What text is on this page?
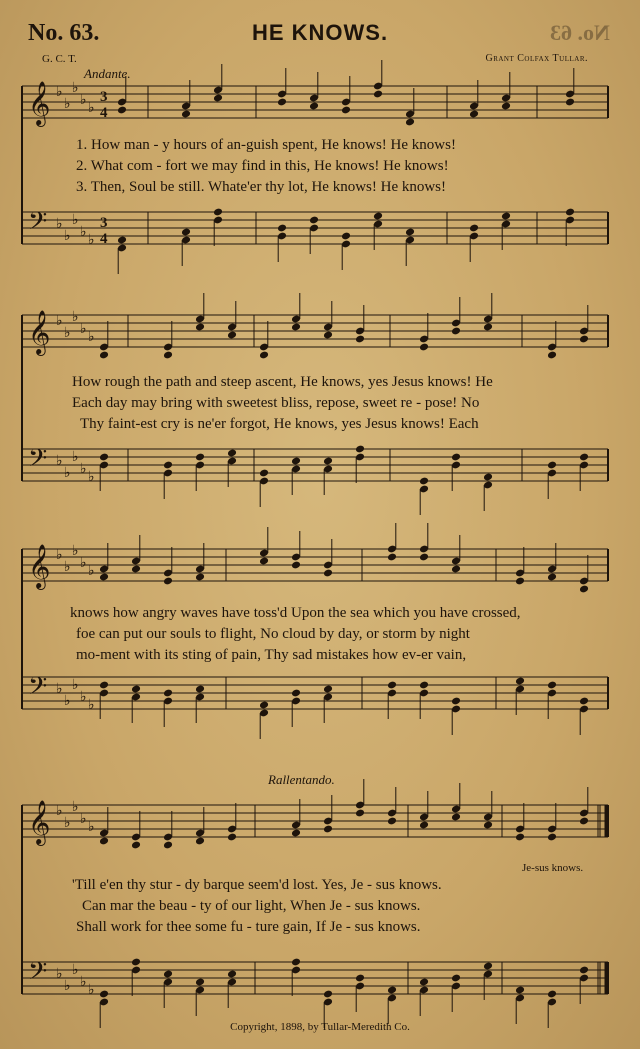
No. 63.	HE KNOWS.	No. 63
G. C. T.	Grant Colfax Tullar.
𝄞 ♭
♭
♭
♭ ♭
3
4
𝄢 ♭
♭
♭
♭ ♭
3
4
𝄞 ♭
♭
♭
♭ ♭
𝄢 ♭
♭
♭
♭ ♭
𝄞 ♭
♭
♭
♭ ♭
𝄢 ♭
♭
♭
♭ ♭
𝄞 ♭
♭
♭
♭ ♭
𝄢 ♭
♭
♭
♭ ♭
Andante.
1. How man - y hours of an-guish spent, He knows! He knows!
2. What com - fort we may find in this, He knows! He knows!
3. Then, Soul be still. Whate'er thy lot, He knows! He knows!
How rough the path and steep ascent, He knows, yes Jesus knows! He
Each day may bring with sweetest bliss, repose, sweet re - pose! No
Thy faint-est cry is ne'er forgot, He knows, yes Jesus knows! Each
knows how angry waves have toss'd Upon the sea which you have crossed,
foe can put our souls to flight, No cloud by day, or storm by night
mo-ment with its sting of pain, Thy sad mistakes how ev-er vain,
Rallentando.
Je-sus knows.
'Till e'en thy stur - dy barque seem'd lost. Yes, Je - sus knows.
Can mar the beau - ty of our light, When Je - sus knows.
Shall work for thee some fu - ture gain, If Je - sus knows.
Copyright, 1898, by Tullar-Meredith Co.
